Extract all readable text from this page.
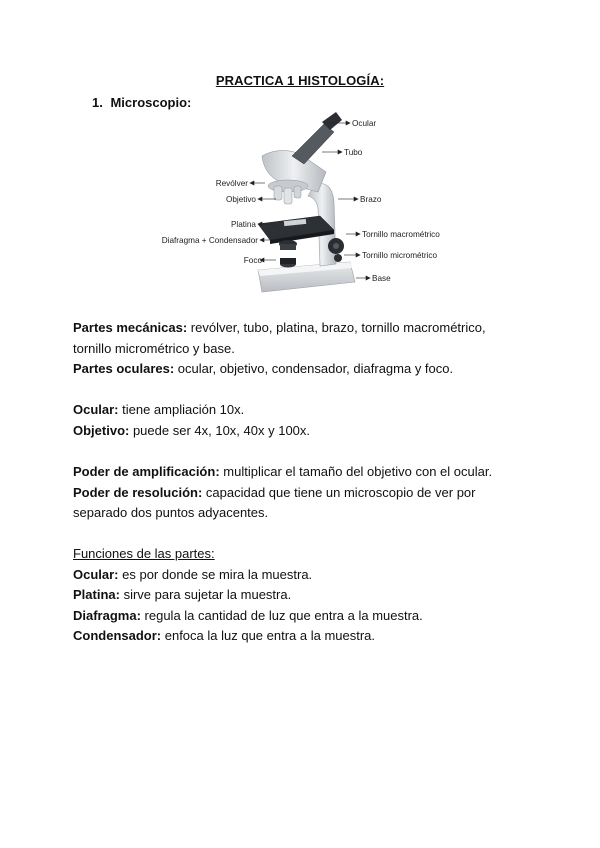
PRACTICA 1 HISTOLOGÍA:
1. Microscopio:
Ocular
Tubo
Revólver
Brazo
Objetivo
Platina
Tornillo macrométrico
Diafragma + Condensador
Tornillo micrométrico
Foco
Base

Partes mecánicas: revólver, tubo, platina, brazo, tornillo macrométrico,

tornillo micrométrico y base.

Partes oculares: ocular, objetivo, condensador, diafragma y foco.

Ocular: tiene ampliación 10x.

Objetivo: puede ser 4x, 10x, 40x y 100x.

Poder de amplificación: multiplicar el tamaño del objetivo con el ocular.

Poder de resolución: capacidad que tiene un microscopio de ver por

separado dos puntos adyacentes.

Funciones de las partes:

Ocular: es por donde se mira la muestra.

Platina: sirve para sujetar la muestra.

Diafragma: regula la cantidad de luz que entra a la muestra.

Condensador: enfoca la luz que entra a la muestra.
